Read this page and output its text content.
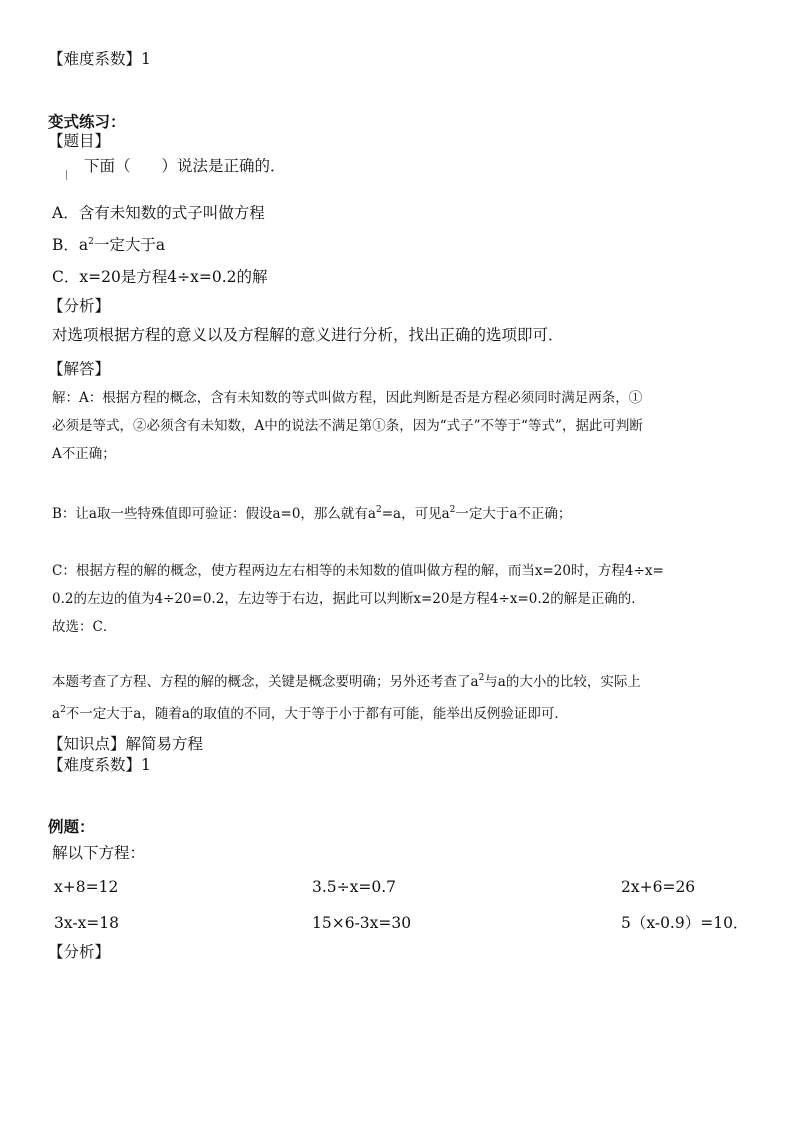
【难度系数】1
变式练习：
【题目】
下面（　　）说法是正确的．
A．含有未知数的式子叫做方程
B．$a^2$一定大于a
C．x=20是方程4÷x=0.2的解
【分析】
对选项根据方程的意义以及方程解的意义进行分析，找出正确的选项即可．
【解答】
解：A：根据方程的概念，含有未知数的等式叫做方程，因此判断是否是方程必须同时满足两条，①
必须是等式，②必须含有未知数，A中的说法不满足第①条，因为“式子”不等于“等式”，据此可判断
A不正确；
B：让a取一些特殊值即可验证：假设a=0，那么就有$a^2=a$，可见$a^2$一定大于a不正确；
C：根据方程的解的概念，使方程两边左右相等的未知数的值叫做方程的解，而当x=20时，方程4÷x=
0.2的左边的值为4÷20=0.2，左边等于右边，据此可以判断x=20是方程4÷x=0.2的解是正确的．
故选：C．
本题考查了方程、方程的解的概念，关键是概念要明确；另外还考查了$a^2$与a的大小的比较，实际上
$a^2$不一定大于a，随着a的取值的不同，大于等于小于都有可能，能举出反例验证即可．
【知识点】解简易方程
【难度系数】1
例题：
解以下方程：
x+8=12	3.5÷x=0.7	2x+6=26
3x-x=18	15×6-3x=30	5（x-0.9）=10．
【分析】
